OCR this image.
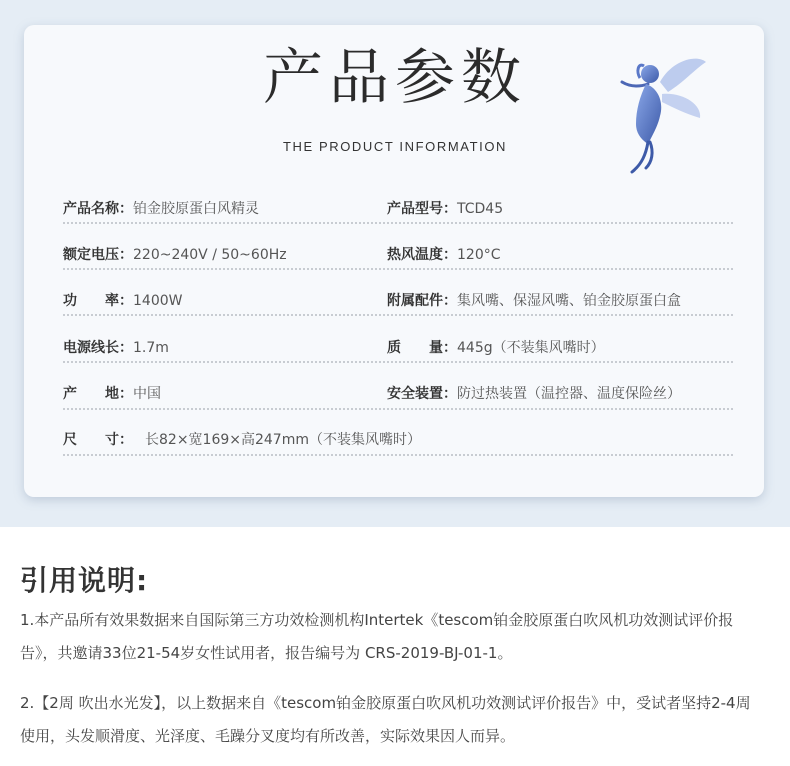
产品参数
THE PRODUCT INFORMATION
产品名称：铂金胶原蛋白风精灵	产品型号：TCD45
额定电压：220~240V / 50~60Hz	热风温度：120°C
功　　率：1400W	附属配件：集风嘴、保湿风嘴、铂金胶原蛋白盒
电源线长：1.7m	质　　量：445g（不装集风嘴时）
产　　地：中国	安全装置：防过热装置（温控器、温度保险丝）
尺　　寸： 长82×宽169×高247mm（不装集风嘴时）
引用说明:
1.本产品所有效果数据来自国际第三方功效检测机构Intertek《tescom铂金胶原蛋白吹风机功效测试评价报告》，共邀请33位21-54岁女性试用者，报告编号为 CRS-2019-BJ-01-1。
2.【2周 吹出水光发】，以上数据来自《tescom铂金胶原蛋白吹风机功效测试评价报告》中，受试者坚持2-4周使用，头发顺滑度、光泽度、毛躁分叉度均有所改善，实际效果因人而异。
